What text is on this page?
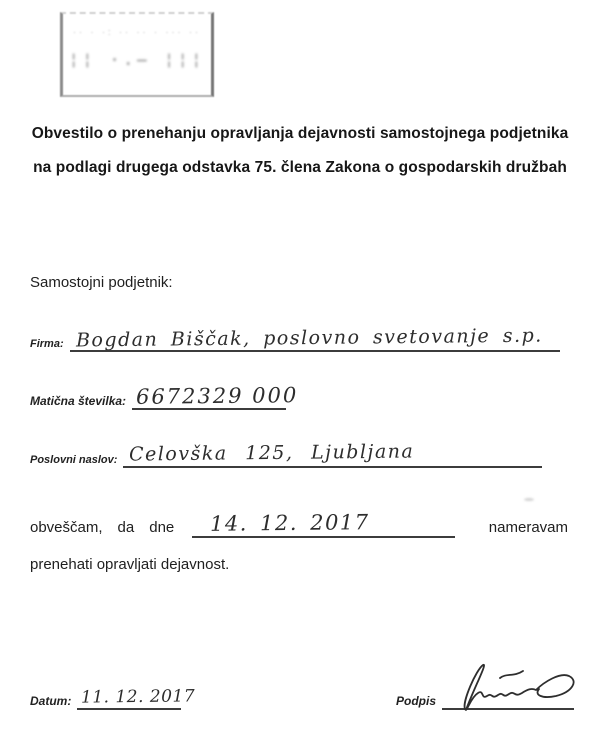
·· · ·: ·· ·· · ··· ··
¦¦ ·.– ¦¦¦
Obvestilo o prenehanju opravljanja dejavnosti samostojnega podjetnika
na podlagi drugega odstavka 75. člena Zakona o gospodarskih družbah
Samostojni podjetnik:
Firma: Bogdan Biščak, poslovno svetovanje s.p.
Matična številka: 6672329 000
Poslovni naslov: Celovška 125, Ljubljana
obveščam, da dne 14. 12. 2017	nameravam
prenehati opravljati dejavnost.
Datum: 11. 12. 2017	Podpis
